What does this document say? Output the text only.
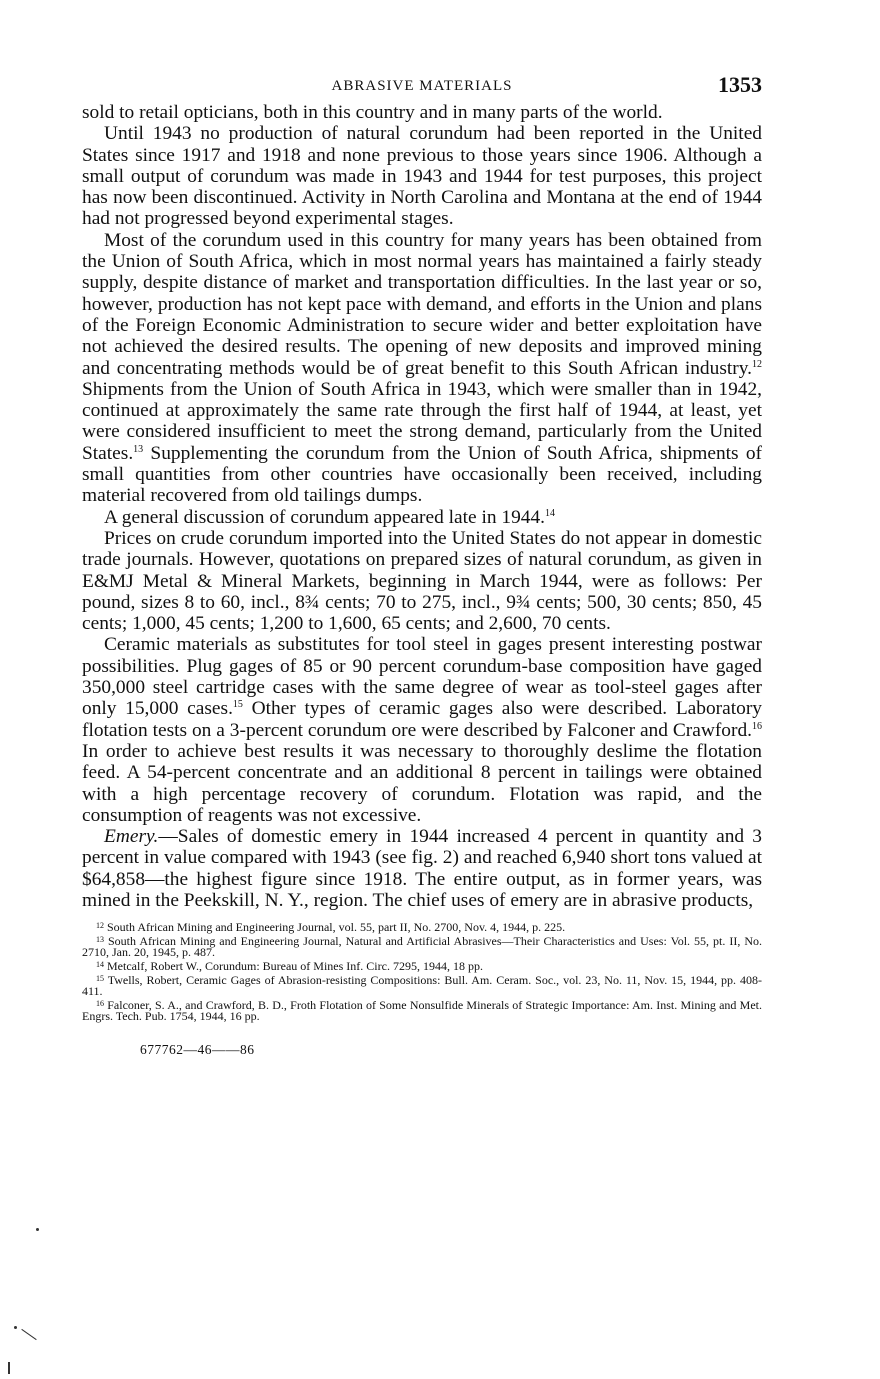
ABRASIVE MATERIALS	1353

sold to retail opticians, both in this country and in many parts of the world.

Until 1943 no production of natural corundum had been reported in the United States since 1917 and 1918 and none previous to those years since 1906. Although a small output of corundum was made in 1943 and 1944 for test purposes, this project has now been discontinued. Activity in North Carolina and Montana at the end of 1944 had not progressed beyond experimental stages.

Most of the corundum used in this country for many years has been obtained from the Union of South Africa, which in most normal years has maintained a fairly steady supply, despite distance of market and transportation difficulties. In the last year or so, however, production has not kept pace with demand, and efforts in the Union and plans of the Foreign Economic Administration to secure wider and better exploitation have not achieved the desired results. The opening of new deposits and improved mining and concentrating methods would be of great benefit to this South African industry.$^{12}$ Shipments from the Union of South Africa in 1943, which were smaller than in 1942, continued at approximately the same rate through the first half of 1944, at least, yet were considered insufficient to meet the strong demand, particularly from the United States.$^{13}$ Supplementing the corundum from the Union of South Africa, shipments of small quantities from other countries have occasionally been received, including material recovered from old tailings dumps.

A general discussion of corundum appeared late in 1944.14

Prices on crude corundum imported into the United States do not appear in domestic trade journals. However, quotations on prepared sizes of natural corundum, as given in E&MJ Metal & Mineral Markets, beginning in March 1944, were as follows: Per pound, sizes 8 to 60, incl., 8¾ cents; 70 to 275, incl., 9¾ cents; 500, 30 cents; 850, 45 cents; 1,000, 45 cents; 1,200 to 1,600, 65 cents; and 2,600, 70 cents.

Ceramic materials as substitutes for tool steel in gages present interesting postwar possibilities. Plug gages of 85 or 90 percent corundum-base composition have gaged 350,000 steel cartridge cases with the same degree of wear as tool-steel gages after only 15,000 cases.$^{15}$ Other types of ceramic gages also were described. Laboratory flotation tests on a 3-percent corundum ore were described by Falconer and Crawford.$^{16}$ In order to achieve best results it was necessary to thoroughly deslime the flotation feed. A 54-percent concentrate and an additional 8 percent in tailings were obtained with a high percentage recovery of corundum. Flotation was rapid, and the consumption of reagents was not excessive.

Emery.—Sales of domestic emery in 1944 increased 4 percent in quantity and 3 percent in value compared with 1943 (see fig. 2) and reached 6,940 short tons valued at $64,858—the highest figure since 1918. The entire output, as in former years, was mined in the Peekskill, N. Y., region. The chief uses of emery are in abrasive products,

$^{12}$ South African Mining and Engineering Journal, vol. 55, part II, No. 2700, Nov. 4, 1944, p. 225.

$^{13}$ South African Mining and Engineering Journal, Natural and Artificial Abrasives—Their Characteristics and Uses: Vol. 55, pt. II, No. 2710, Jan. 20, 1945, p. 487.

$^{14}$ Metcalf, Robert W., Corundum: Bureau of Mines Inf. Circ. 7295, 1944, 18 pp.

$^{15}$ Twells, Robert, Ceramic Gages of Abrasion-resisting Compositions: Bull. Am. Ceram. Soc., vol. 23, No. 11, Nov. 15, 1944, pp. 408-411.

$^{16}$ Falconer, S. A., and Crawford, B. D., Froth Flotation of Some Nonsulfide Minerals of Strategic Importance: Am. Inst. Mining and Met. Engrs. Tech. Pub. 1754, 1944, 16 pp.

677762—46——86
